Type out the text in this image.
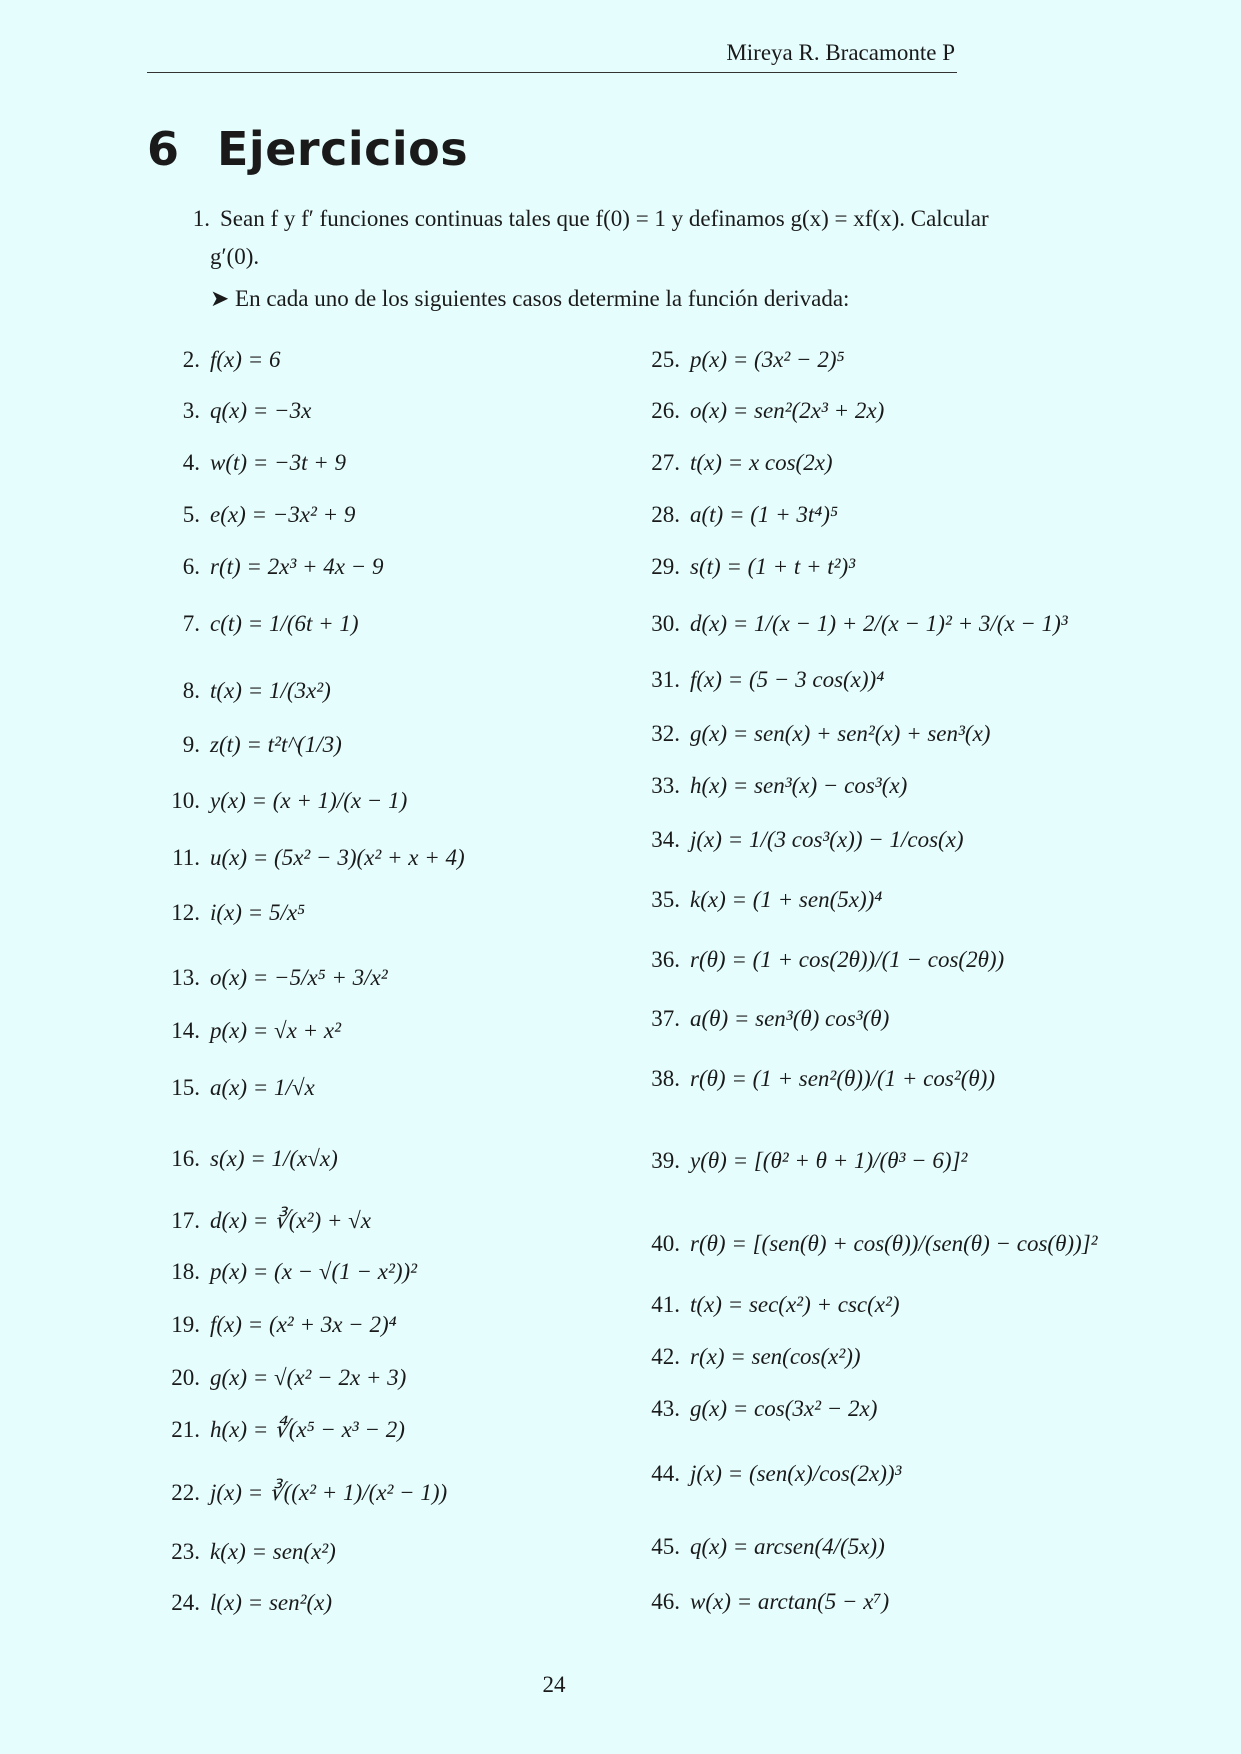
Mireya R. Bracamonte P
6 Ejercicios
1. Sean f y f′ funciones continuas tales que f(0) = 1 y definamos g(x) = xf(x). Calcular
g′(0).
➤ En cada uno de los siguientes casos determine la función derivada:
2. f(x) = 6
3. q(x) = −3x
4. w(t) = −3t + 9
5. e(x) = −3x² + 9
6. r(t) = 2x³ + 4x − 9
7. c(t) = 1/(6t + 1)
8. t(x) = 1/(3x²)
9. z(t) = t²t^(1/3)
10. y(x) = (x + 1)/(x − 1)
11. u(x) = (5x² − 3)(x² + x + 4)
12. i(x) = 5/x⁵
13. o(x) = −5/x⁵ + 3/x²
14. p(x) = √x + x²
15. a(x) = 1/√x
16. s(x) = 1/(x√x)
17. d(x) = ∛(x²) + √x
18. p(x) = (x − √(1 − x²))²
19. f(x) = (x² + 3x − 2)⁴
20. g(x) = √(x² − 2x + 3)
21. h(x) = ∜(x⁵ − x³ − 2)
22. j(x) = ∛((x² + 1)/(x² − 1))
23. k(x) = sen(x²)
24. l(x) = sen²(x)
25. p(x) = (3x² − 2)⁵
26. o(x) = sen²(2x³ + 2x)
27. t(x) = x cos(2x)
28. a(t) = (1 + 3t⁴)⁵
29. s(t) = (1 + t + t²)³
30. d(x) = 1/(x − 1) + 2/(x − 1)² + 3/(x − 1)³
31. f(x) = (5 − 3 cos(x))⁴
32. g(x) = sen(x) + sen²(x) + sen³(x)
33. h(x) = sen³(x) − cos³(x)
34. j(x) = 1/(3 cos³(x)) − 1/cos(x)
35. k(x) = (1 + sen(5x))⁴
36. r(θ) = (1 + cos(2θ))/(1 − cos(2θ))
37. a(θ) = sen³(θ) cos³(θ)
38. r(θ) = (1 + sen²(θ))/(1 + cos²(θ))
39. y(θ) = [(θ² + θ + 1)/(θ³ − 6)]²
40. r(θ) = [(sen(θ) + cos(θ))/(sen(θ) − cos(θ))]²
41. t(x) = sec(x²) + csc(x²)
42. r(x) = sen(cos(x²))
43. g(x) = cos(3x² − 2x)
44. j(x) = (sen(x)/cos(2x))³
45. q(x) = arcsen(4/(5x))
46. w(x) = arctan(5 − x⁷)
24
